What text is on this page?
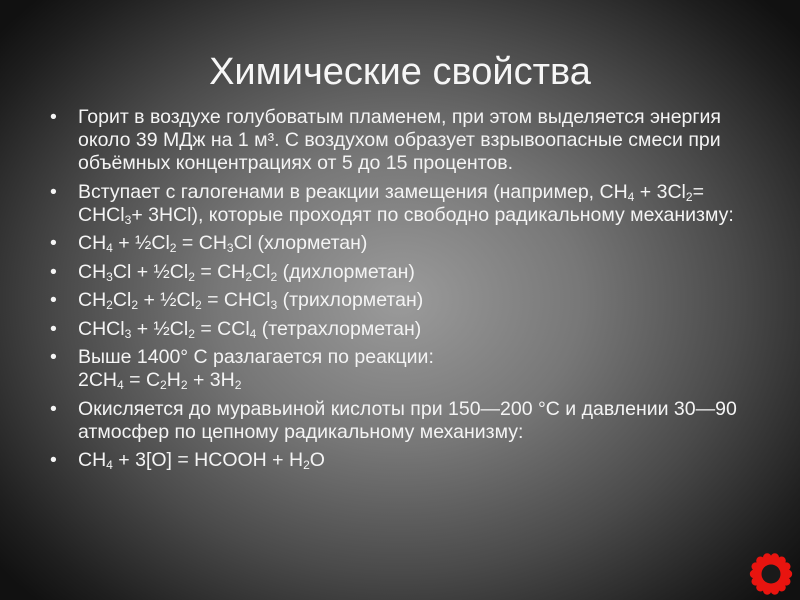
Химические свойства
• Горит в воздухе голубоватым пламенем, при этом выделяется энергия около 39 МДж на 1 м³. С воздухом образует взрывоопасные смеси при объёмных концентрациях от 5 до 15 процентов.
• Вступает с галогенами в реакции замещения (например, $CH_4 + 3Cl_2=$ CHCl$_3$+ 3HCl), которые проходят по свободно радикальному механизму:
• $CH_4$ + $\frac{1}{2}Cl_2 = CH_3Cl$ (хлорметан)
• $CH_3Cl$ + $\frac{1}{2}Cl_2 = CH_2Cl_2$ (дихлорметан)
• $CH_2Cl_2$ + $\frac{1}{2}Cl_2$ = CHCl$_3$ (трихлорметан)
• CHCl$_3$ + $\frac{1}{2}Cl_2 = CCl_4$ (тетрахлорметан)
• Выше 1400° С разлагается по реакции:
$2CH_4 = C_2H_2 + 3H_2$
• Окисляется до муравьиной кислоты при 150—200 °C и давлении 30—90 атмосфер по цепному радикальному механизму:
• $CH_4 + 3[O]$ = HCOOH + $H_2O$
